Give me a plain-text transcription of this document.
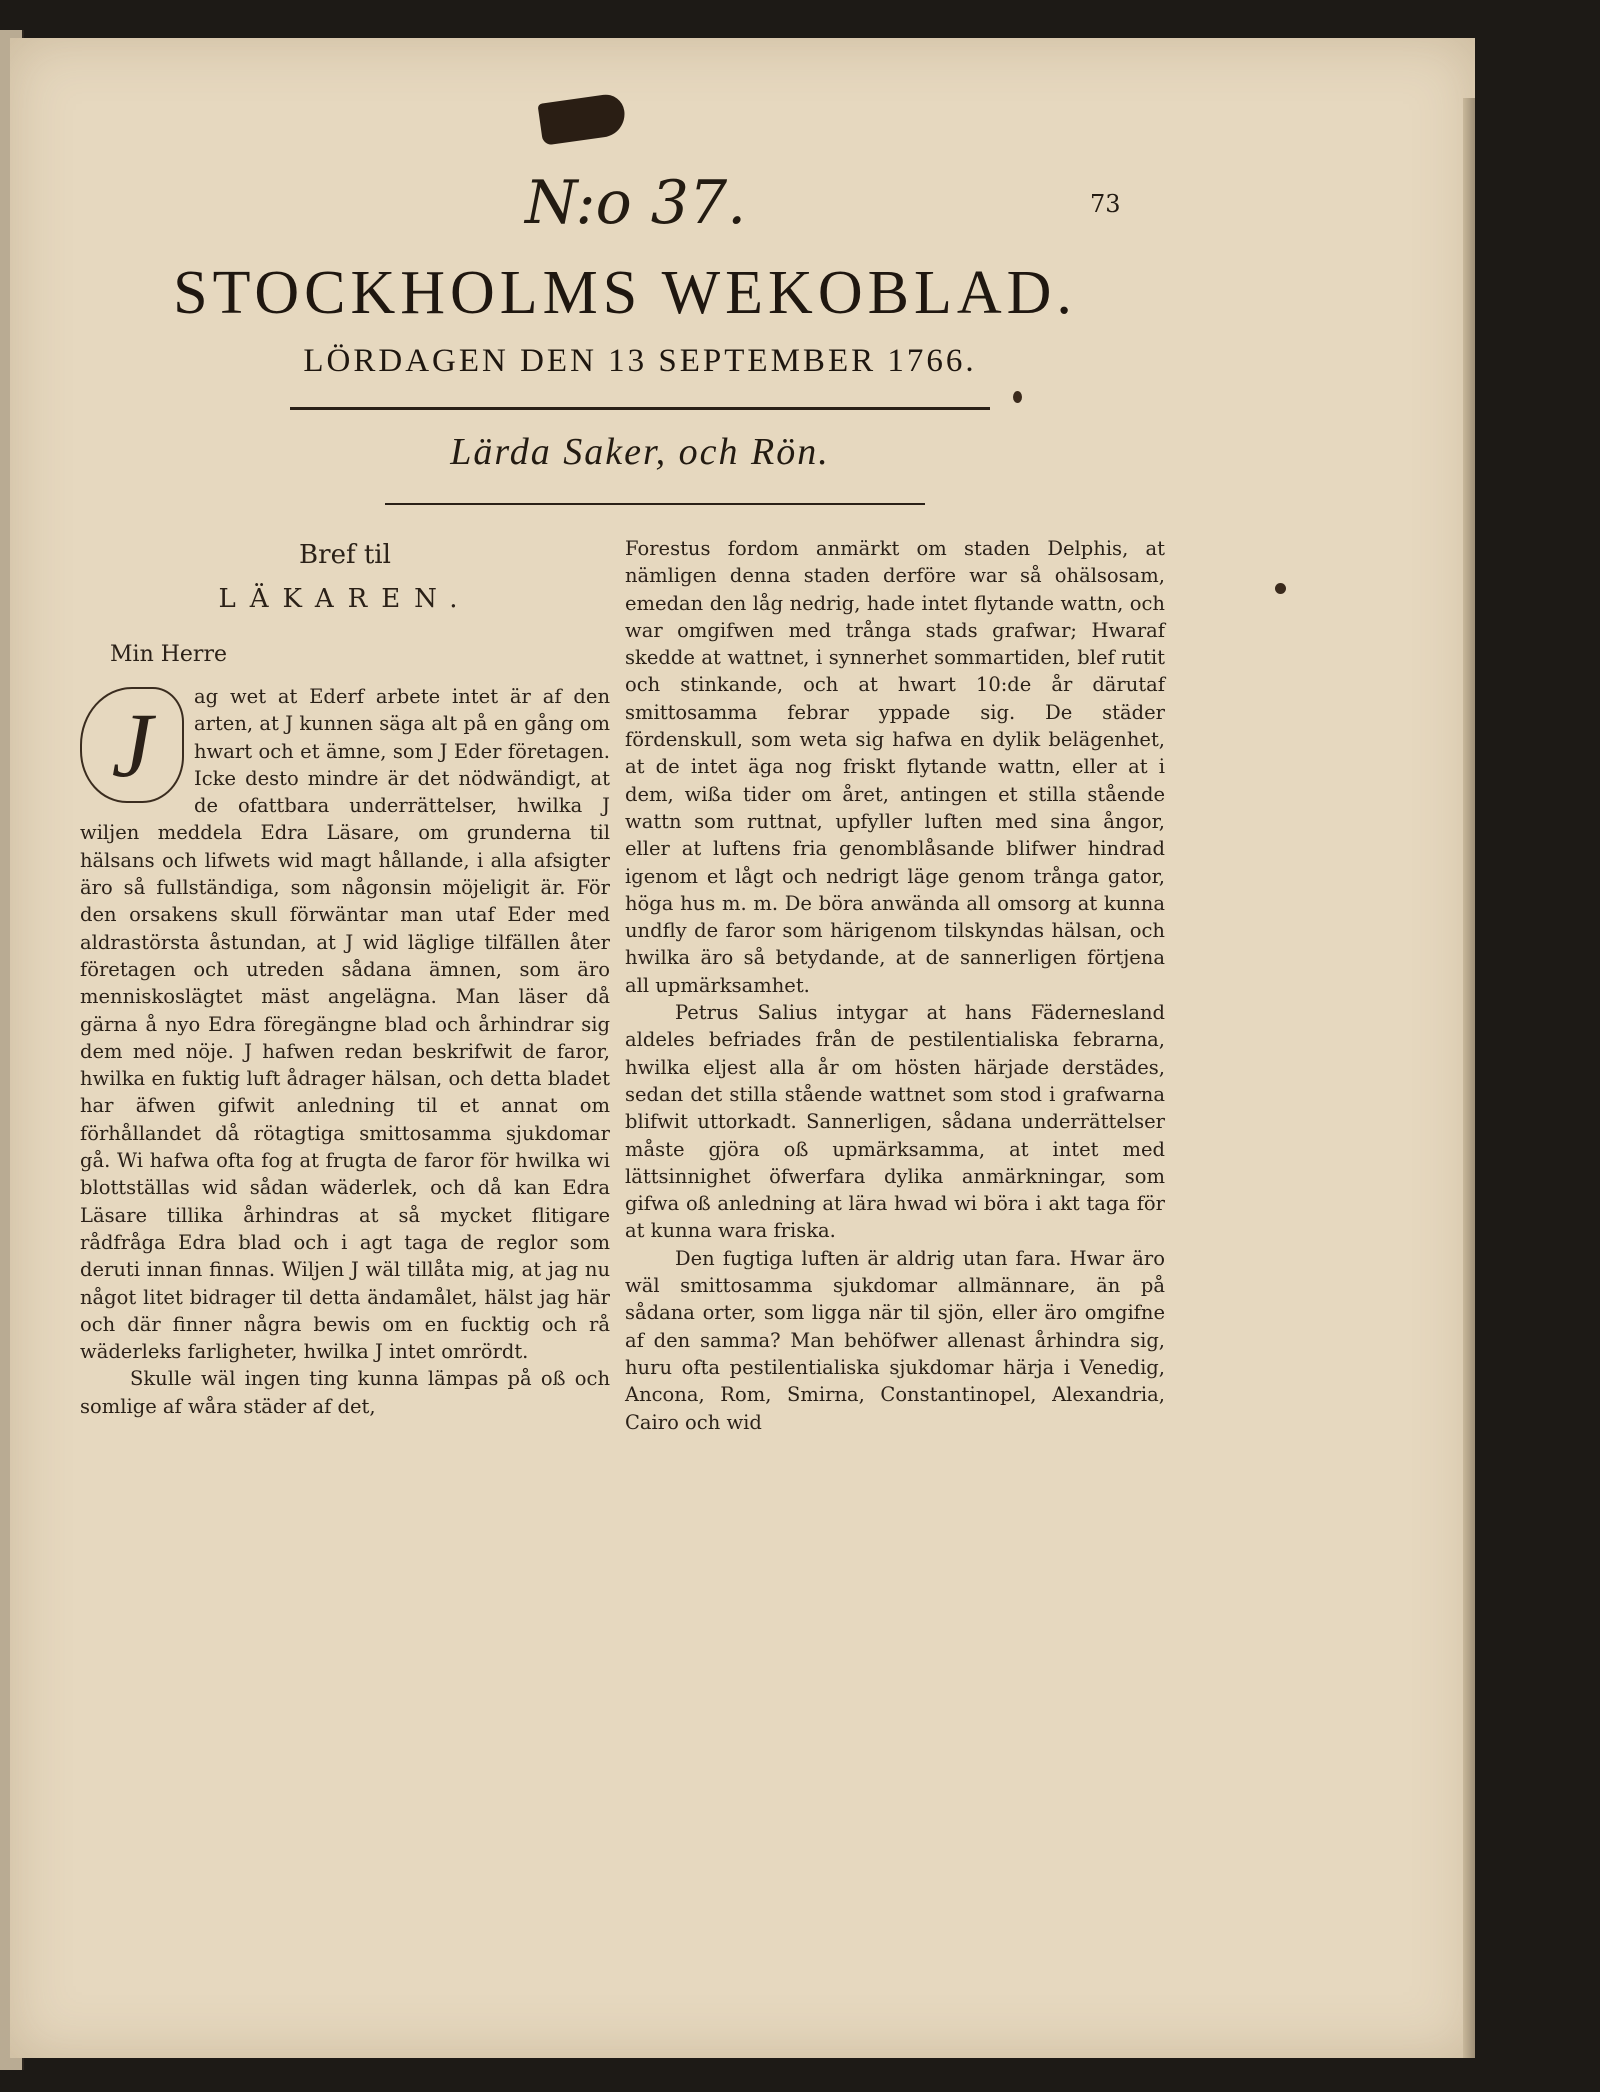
N:o 37.	73
STOCKHOLMS WEKOBLAD.
LÖRDAGEN DEN 13 SEPTEMBER 1766.
Lärda Saker, och Rön.

Bref til

LÄKAREN.

Min Herre

J	ag wet at Ederf arbete intet är af den arten, at J kunnen säga alt på en gång om hwart och et ämne, som J Eder företagen. Icke desto mindre är det nödwändigt, at de ofattbara underrättelser, hwilka J wiljen meddela Edra Läsare, om grunderna til hälsans och lifwets wid magt hållande, i alla afsigter äro så fullständiga, som någonsin möjeligit är. För den orsakens skull förwäntar man utaf Eder med aldrastörsta åstundan, at J wid läglige tilfällen åter företagen och utreden sådana ämnen, som äro menniskoslägtet mäst angelägna. Man läser då gärna å nyo Edra föregängne blad och århindrar sig dem med nöje. J hafwen redan beskrifwit de faror, hwilka en fuktig luft ådrager hälsan, och detta bladet har äfwen gifwit anledning til et annat om förhållandet då rötagtiga smittosamma sjukdomar gå. Wi hafwa ofta fog at frugta de faror för hwilka wi blottställas wid sådan wäderlek, och då kan Edra Läsare tillika århindras at så mycket flitigare rådfråga Edra blad och i agt taga de reglor som deruti innan finnas. Wiljen J wäl tillåta mig, at jag nu något litet bidrager til detta ändamålet, hälst jag här och där finner några bewis om en fucktig och rå wäderleks farligheter, hwilka J intet omrördt.

Skulle wäl ingen ting kunna lämpas på oß och somlige af wåra städer af det,

Forestus fordom anmärkt om staden Delphis, at nämligen denna staden derföre war så ohälsosam, emedan den låg nedrig, hade intet flytande wattn, och war omgifwen med trånga stads grafwar; Hwaraf skedde at wattnet, i synnerhet sommartiden, blef rutit och stinkande, och at hwart 10:de år därutaf smittosamma febrar yppade sig. De städer fördenskull, som weta sig hafwa en dylik belägenhet, at de intet äga nog friskt flytande wattn, eller at i dem, wißa tider om året, antingen et stilla stående wattn som ruttnat, upfyller luften med sina ångor, eller at luftens fria genomblåsande blifwer hindrad igenom et lågt och nedrigt läge genom trånga gator, höga hus m. m. De böra anwända all omsorg at kunna undfly de faror som härigenom tilskyndas hälsan, och hwilka äro så betydande, at de sannerligen förtjena all upmärksamhet.

Petrus Salius intygar at hans Fädernesland aldeles befriades från de pestilentialiska febrarna, hwilka eljest alla år om hösten härjade derstädes, sedan det stilla stående wattnet som stod i grafwarna blifwit uttorkadt. Sannerligen, sådana underrättelser måste gjöra oß upmärksamma, at intet med lättsinnighet öfwerfara dylika anmärkningar, som gifwa oß anledning at lära hwad wi böra i akt taga för at kunna wara friska.

Den fugtiga luften är aldrig utan fara. Hwar äro wäl smittosamma sjukdomar allmännare, än på sådana orter, som ligga när til sjön, eller äro omgifne af den samma? Man behöfwer allenast århindra sig, huru ofta pestilentialiska sjukdomar härja i Venedig, Ancona, Rom, Smirna, Constantinopel, Alexandria, Cairo och wid
